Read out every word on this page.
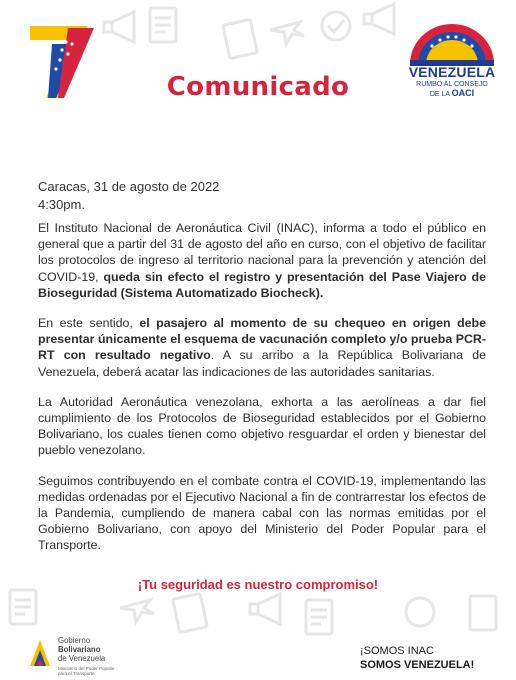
Comunicado	VENEZUELA
RUMBO AL CONSEJO
DE LA OACI
Caracas, 31 de agosto de 2022
4:30pm.

El Instituto Nacional de Aeronáutica Civil (INAC), informa a todo el público en general que a partir del 31 de agosto del año en curso, con el objetivo de facilitar los protocolos de ingreso al territorio nacional para la prevención y atención del COVID-19, queda sin efecto el registro y presentación del Pase Viajero de Bioseguridad (Sistema Automatizado Biocheck).

En este sentido, el pasajero al momento de su chequeo en origen debe presentar únicamente el esquema de vacunación completo y/o prueba PCR-RT con resultado negativo. A su arribo a la República Bolivariana de Venezuela, deberá acatar las indicaciones de las autoridades sanitarias.

La Autoridad Aeronáutica venezolana, exhorta a las aerolíneas a dar fiel cumplimiento de los Protocolos de Bioseguridad establecidos por el Gobierno Bolivariano, los cuales tienen como objetivo resguardar el orden y bienestar del pueblo venezolano.

Seguimos contribuyendo en el combate contra el COVID-19, implementando las medidas ordenadas por el Ejecutivo Nacional a fin de contrarrestar los efectos de la Pandemia, cumpliendo de manera cabal con las normas emitidas por el Gobierno Bolivariano, con apoyo del Ministerio del Poder Popular para el Transporte.

¡Tu seguridad es nuestro compromiso!
Gobierno
Bolivariano
de Venezuela
Ministerio del Poder Popular
para el Transporte
¡SOMOS INAC
SOMOS VENEZUELA!
